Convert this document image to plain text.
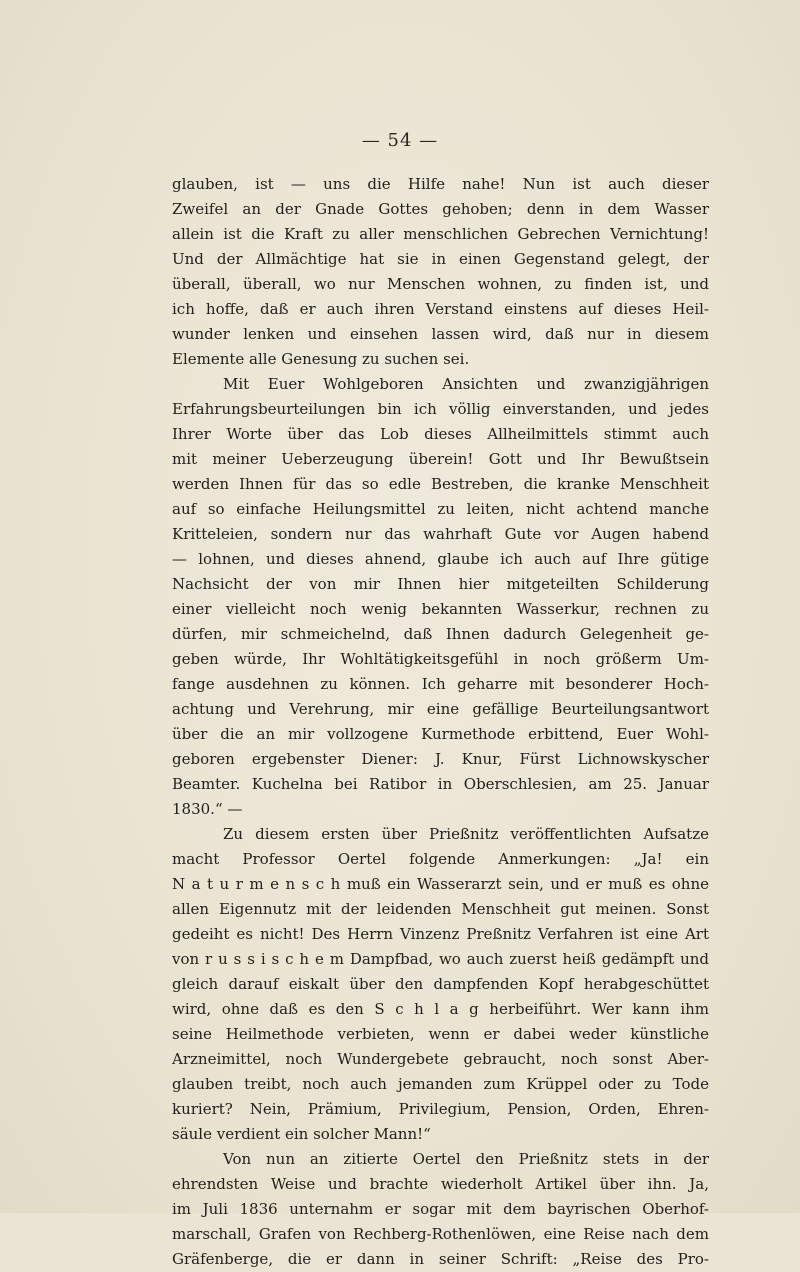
— 54 —
glauben, ist — uns die Hilfe nahe! Nun ist auch dieser
Zweifel an der Gnade Gottes gehoben; denn in dem Wasser
allein ist die Kraft zu aller menschlichen Gebrechen Vernichtung!
Und der Allmächtige hat sie in einen Gegenstand gelegt, der
überall, überall, wo nur Menschen wohnen, zu finden ist, und
ich hoffe, daß er auch ihren Verstand einstens auf dieses Heil-
wunder lenken und einsehen lassen wird, daß nur in diesem
Elemente alle Genesung zu suchen sei.
Mit Euer Wohlgeboren Ansichten und zwanzigjährigen
Erfahrungsbeurteilungen bin ich völlig einverstanden, und jedes
Ihrer Worte über das Lob dieses Allheilmittels stimmt auch
mit meiner Ueberzeugung überein! Gott und Ihr Bewußtsein
werden Ihnen für das so edle Bestreben, die kranke Menschheit
auf so einfache Heilungsmittel zu leiten, nicht achtend manche
Kritteleien, sondern nur das wahrhaft Gute vor Augen habend
— lohnen, und dieses ahnend, glaube ich auch auf Ihre gütige
Nachsicht der von mir Ihnen hier mitgeteilten Schilderung
einer vielleicht noch wenig bekannten Wasserkur, rechnen zu
dürfen, mir schmeichelnd, daß Ihnen dadurch Gelegenheit ge-
geben würde, Ihr Wohltätigkeitsgefühl in noch größerm Um-
fange ausdehnen zu können. Ich geharre mit besonderer Hoch-
achtung und Verehrung, mir eine gefällige Beurteilungsantwort
über die an mir vollzogene Kurmethode erbittend, Euer Wohl-
geboren ergebenster Diener: J. Knur, Fürst Lichnowskyscher
Beamter. Kuchelna bei Ratibor in Oberschlesien, am 25. Januar
1830.“ —
Zu diesem ersten über Prießnitz veröffentlichten Aufsatze
macht Professor Oertel folgende Anmerkungen: „Ja! ein
N a t u r m e n s c h muß ein Wasserarzt sein, und er muß es ohne
allen Eigennutz mit der leidenden Menschheit gut meinen. Sonst
gedeiht es nicht! Des Herrn Vinzenz Preßnitz Verfahren ist eine Art
von r u s s i s c h e m Dampfbad, wo auch zuerst heiß gedämpft und
gleich darauf eiskalt über den dampfenden Kopf herabgeschüttet
wird, ohne daß es den S c h l a g herbeiführt. Wer kann ihm
seine Heilmethode verbieten, wenn er dabei weder künstliche
Arzneimittel, noch Wundergebete gebraucht, noch sonst Aber-
glauben treibt, noch auch jemanden zum Krüppel oder zu Tode
kuriert? Nein, Prämium, Privilegium, Pension, Orden, Ehren-
säule verdient ein solcher Mann!“
Von nun an zitierte Oertel den Prießnitz stets in der
ehrendsten Weise und brachte wiederholt Artikel über ihn. Ja,
im Juli 1836 unternahm er sogar mit dem bayrischen Oberhof-
marschall, Grafen von Rechberg-Rothenlöwen, eine Reise nach dem
Gräfenberge, die er dann in seiner Schrift: „Reise des Pro-
